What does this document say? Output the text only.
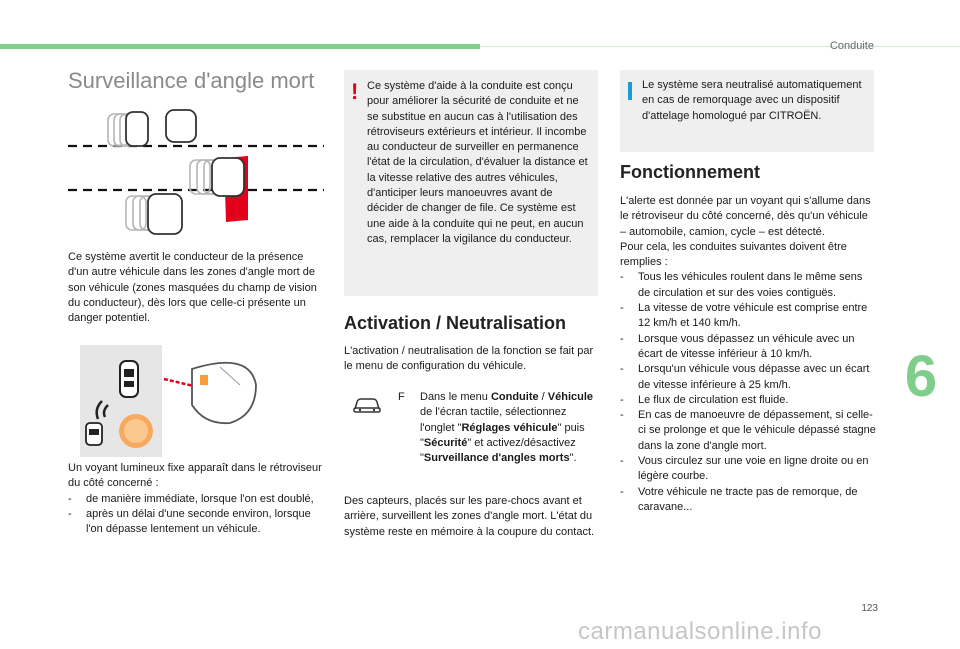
Conduite
Surveillance d'angle mort

Ce système avertit le conducteur de la présence d'un autre véhicule dans les zones d'angle mort de son véhicule (zones masquées du champ de vision du conducteur), dès lors que celle-ci présente un danger potentiel.

Un voyant lumineux fixe apparaît dans le rétroviseur du côté concerné :

- de manière immédiate, lorsque l'on est doublé,
- après un délai d'une seconde environ, lorsque l'on dépasse lentement un véhicule.
! Ce système d'aide à la conduite est conçu pour améliorer la sécurité de conduite et ne se substitue en aucun cas à l'utilisation des rétroviseurs extérieurs et intérieur. Il incombe au conducteur de surveiller en permanence l'état de la circulation, d'évaluer la distance et la vitesse relative des autres véhicules, d'anticiper leurs manoeuvres avant de décider de changer de file. Ce système est une aide à la conduite qui ne peut, en aucun cas, remplacer la vigilance du conducteur.

Activation / Neutralisation

L'activation / neutralisation de la fonction se fait par le menu de configuration du véhicule.

F Dans le menu Conduite / Véhicule de l'écran tactile, sélectionnez l'onglet "Réglages véhicule" puis "Sécurité" et activez/désactivez "Surveillance d'angles morts".

Des capteurs, placés sur les pare-chocs avant et arrière, surveillent les zones d'angle mort. L'état du système reste en mémoire à la coupure du contact.

Le système sera neutralisé automatiquement en cas de remorquage avec un dispositif d'attelage homologué par CITROËN.

Fonctionnement

L'alerte est donnée par un voyant qui s'allume dans le rétroviseur du côté concerné, dès qu'un véhicule – automobile, camion, cycle – est détecté.

Pour cela, les conduites suivantes doivent être remplies :

- Tous les véhicules roulent dans le même sens de circulation et sur des voies contiguës.
- La vitesse de votre véhicule est comprise entre 12 km/h et 140 km/h.
- Lorsque vous dépassez un véhicule avec un écart de vitesse inférieur à 10 km/h.
- Lorsqu'un véhicule vous dépasse avec un écart de vitesse inférieure à 25 km/h.
- Le flux de circulation est fluide.
- En cas de manoeuvre de dépassement, si celle-ci se prolonge et que le véhicule dépassé stagne dans la zone d'angle mort.
- Vous circulez sur une voie en ligne droite ou en légère courbe.
- Votre véhicule ne tracte pas de remorque, de caravane...
6
123
carmanualsonline.info
